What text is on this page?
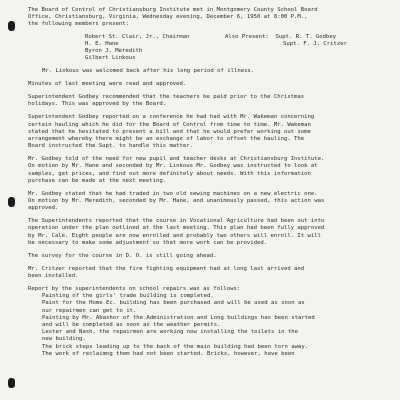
The Board of Control of Christiansburg Institute met in Montgomery County School Board

Office, Christiansburg, Virginia, Wednesday evening, December 6, 1950 at 8:00 P.M.,

the following members present:

Robert St. Clair, Jr., Chairman

H. E. Hane

Byron J. Meredith

Gilbert Linkous

Also Present:  Supt. R. T. Godbey

Supt. F. J. Critzer

Mr. Linkous was welcomed back after his long period of illness.

Minutes of last meeting were read and approved.

Superintendent Godbey recommended that the teachers be paid prior to the Christmas

holidays. This was approved by the Board.

Superintendent Godbey reported on a conference he had had with Mr. Wakeman concerning

certain hauling which he did for the Board of Control from time to time. Mr. Wakeman

stated that he hesitated to present a bill and that he would prefer working out some

arrangement whereby there might be an exchange of labor to offset the hauling. The

Board instructed the Supt. to handle this matter.

Mr. Godbey told of the need for new pupil and teacher desks at Christiansburg Institute.

On motion by Mr. Hane and seconded by Mr. Linkous Mr. Godbey was instructed to look at

samples, get prices, and find out more definitely about needs. With this information

purchase can be made at the next meeting.

Mr. Godbey stated that he had traded in two old sewing machines on a new electric one.

On motion by Mr. Meredith, seconded by Mr. Hane, and unanimously passed, this action was

approved.

The Superintendents reported that the course in Vocational Agriculture had been out into

operation under the plan outlined at the last meeting. This plan had been fully approved

by Mr. Cale. Eight people are now enrolled and probably two others will enroll. It will

be necessary to make some adjustment so that more work can be provided.

The survey for the course in D. O. is still going ahead.

Mr. Critzer reported that the fire fighting equipment had at long last arrived and

been installed.

Report by the superintendents on school repairs was as follows:

Painting of the girls' trade building is completed.

Paint for the Home Ec. building has been purchased and will be used as soon as

our repairmen can get to it.

Painting by Mr. Abashor of the Administration and Long buildings has been started

and will be completed as soon as the weather permits.

Lester and Nash, the repairmen are working now installing the toilets in the

new building.

The brick steps leading up to the back of the main building had been torn away.

The work of reclaimng them had not been started. Bricks, however, have been
